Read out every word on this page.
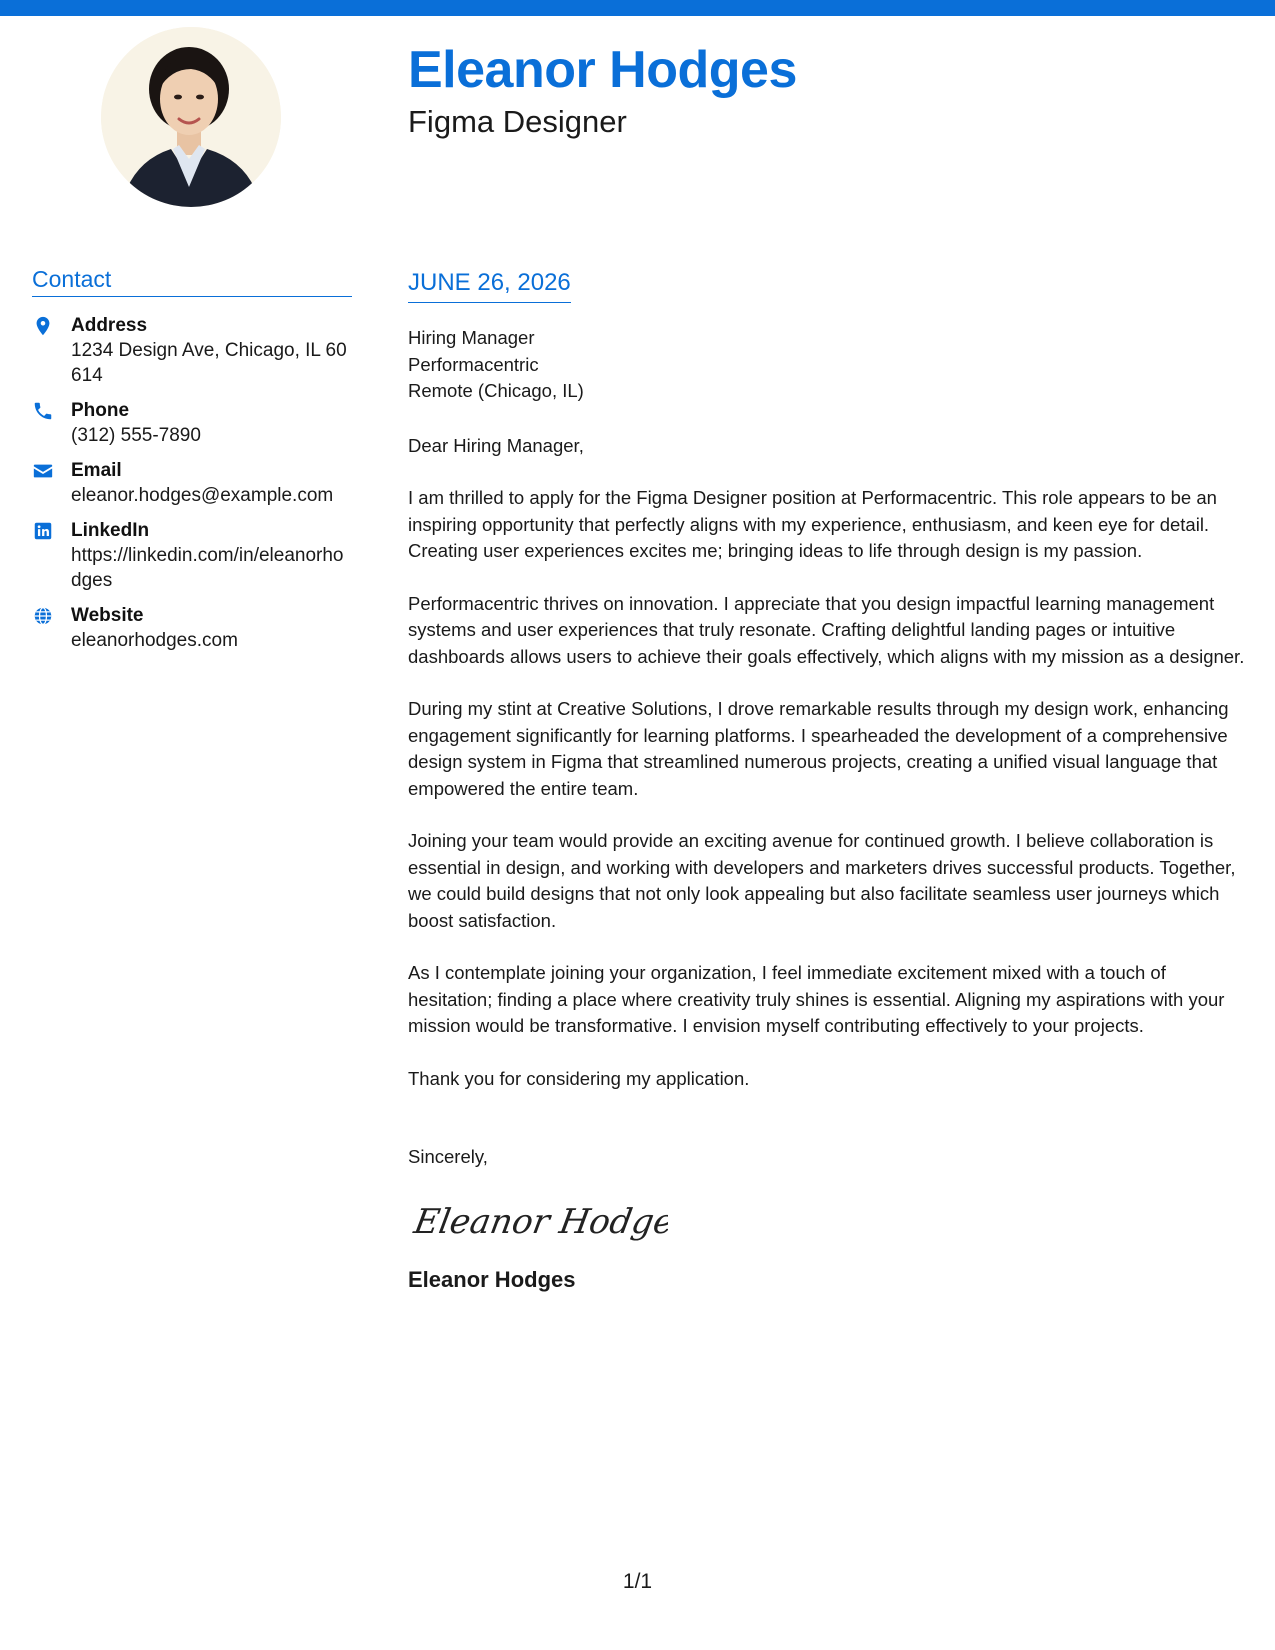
Eleanor Hodges
Figma Designer
Contact
Address
1234 Design Ave, Chicago, IL 60614
Phone
(312) 555-7890
Email
eleanor.hodges@example.com
LinkedIn
https://linkedin.com/in/eleanorhodges
Website
eleanorhodges.com
JUNE 26, 2026
Hiring Manager
Performacentric
Remote (Chicago, IL)

Dear Hiring Manager,

I am thrilled to apply for the Figma Designer position at Performacentric. This role appears to be an inspiring opportunity that perfectly aligns with my experience, enthusiasm, and keen eye for detail. Creating user experiences excites me; bringing ideas to life through design is my passion.

Performacentric thrives on innovation. I appreciate that you design impactful learning management systems and user experiences that truly resonate. Crafting delightful landing pages or intuitive dashboards allows users to achieve their goals effectively, which aligns with my mission as a designer.

During my stint at Creative Solutions, I drove remarkable results through my design work, enhancing engagement significantly for learning platforms. I spearheaded the development of a comprehensive design system in Figma that streamlined numerous projects, creating a unified visual language that empowered the entire team.

Joining your team would provide an exciting avenue for continued growth. I believe collaboration is essential in design, and working with developers and marketers drives successful products. Together, we could build designs that not only look appealing but also facilitate seamless user journeys which boost satisfaction.

As I contemplate joining your organization, I feel immediate excitement mixed with a touch of hesitation; finding a place where creativity truly shines is essential. Aligning my aspirations with your mission would be transformative. I envision myself contributing effectively to your projects.

Thank you for considering my application.

Sincerely,

Eleanor Hodges
Eleanor Hodges
1/1
